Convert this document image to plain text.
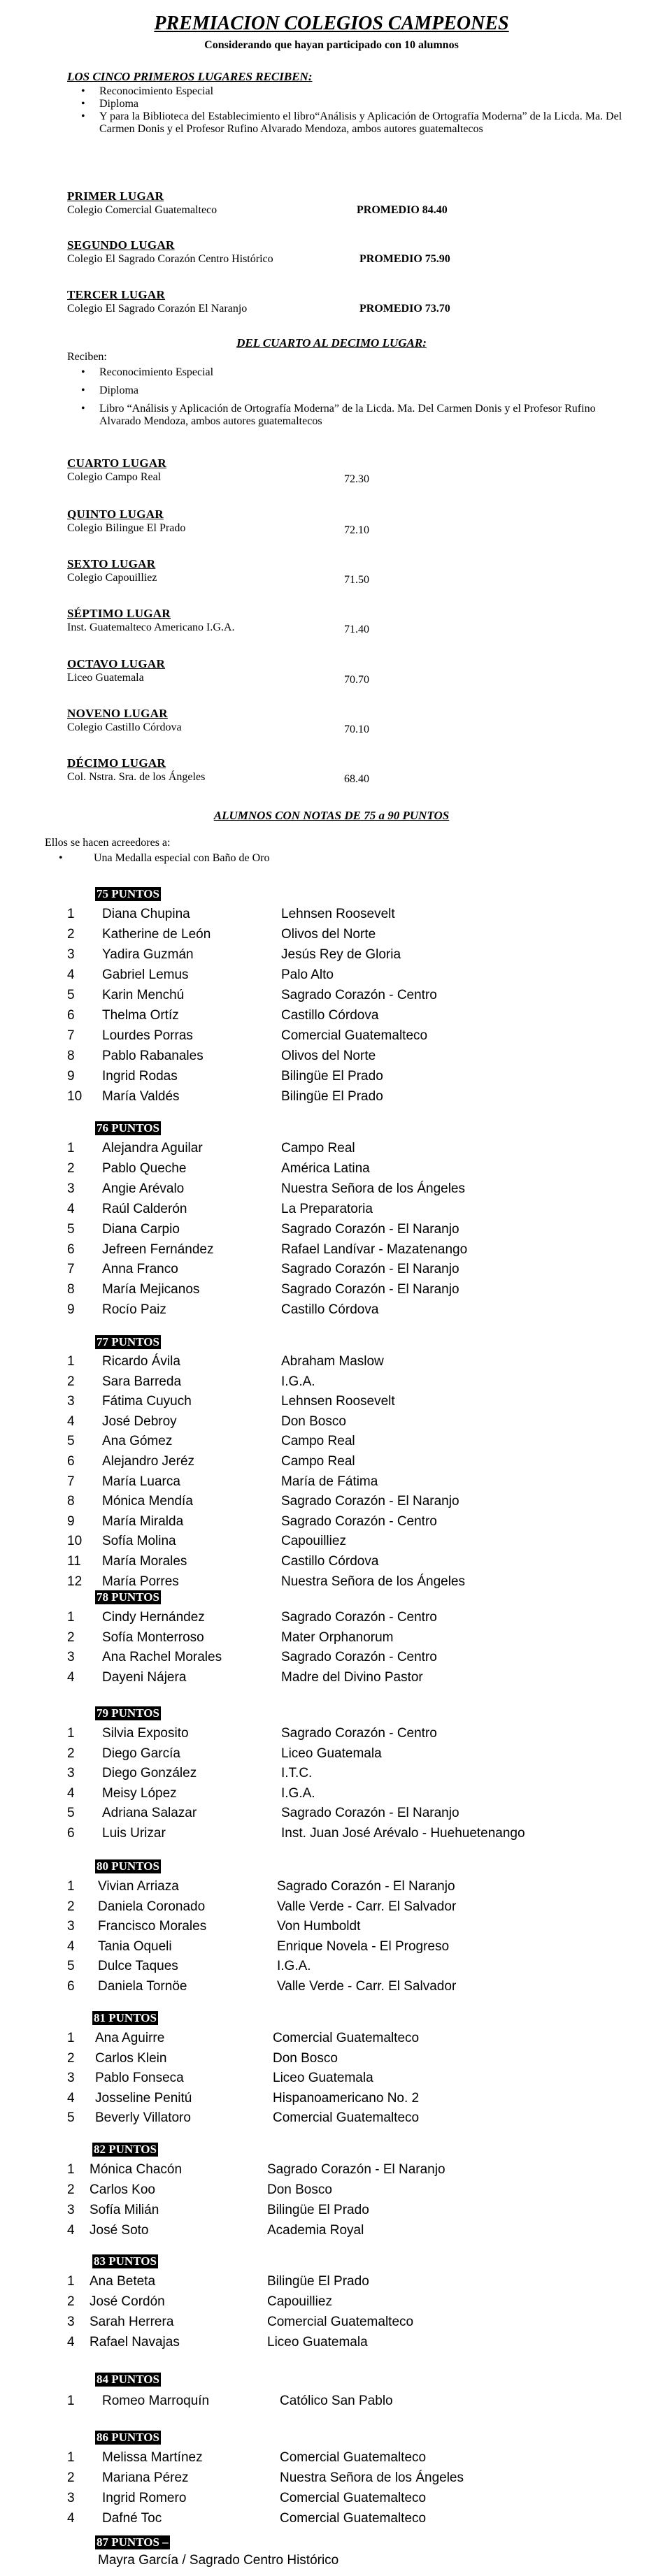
PREMIACION COLEGIOS CAMPEONES
Considerando que hayan participado con 10 alumnos
LOS CINCO PRIMEROS LUGARES RECIBEN:
• Reconocimiento Especial
• Diploma
• Y para la Biblioteca del Establecimiento el libro“Análisis y Aplicación de Ortografía Moderna” de la Licda. Ma. Del Carmen Donis y el Profesor Rufino Alvarado Mendoza, ambos autores guatemaltecos
PRIMER LUGAR
Colegio Comercial Guatemalteco	PROMEDIO 84.40
SEGUNDO LUGAR
Colegio El Sagrado Corazón Centro Histórico	PROMEDIO 75.90
TERCER LUGAR
Colegio El Sagrado Corazón El Naranjo	PROMEDIO 73.70
DEL CUARTO AL DECIMO LUGAR:
Reciben:
• Reconocimiento Especial
• Diploma
• Libro “Análisis y Aplicación de Ortografía Moderna” de la Licda. Ma. Del Carmen Donis y el Profesor Rufino Alvarado Mendoza, ambos autores guatemaltecos
CUARTO LUGAR
Colegio Campo Real	72.30
QUINTO LUGAR
Colegio Bilingue El Prado	72.10
SEXTO LUGAR
Colegio Capouilliez	71.50
SÉPTIMO LUGAR
Inst. Guatemalteco Americano I.G.A.	71.40
OCTAVO LUGAR
Liceo Guatemala	70.70
NOVENO LUGAR
Colegio Castillo Córdova	70.10
DÉCIMO LUGAR
Col. Nstra. Sra. de los Ángeles	68.40
ALUMNOS CON NOTAS DE 75 a 90 PUNTOS
Ellos se hacen acreedores a:
• Una Medalla especial con Baño de Oro
75 PUNTOS
1 Diana Chupina	Lehnsen Roosevelt
2 Katherine de León	Olivos del Norte
3 Yadira Guzmán	Jesús Rey de Gloria
4 Gabriel Lemus	Palo Alto
5 Karin Menchú	Sagrado Corazón - Centro
6 Thelma Ortíz	Castillo Córdova
7 Lourdes Porras	Comercial Guatemalteco
8 Pablo Rabanales	Olivos del Norte
9 Ingrid Rodas	Bilingüe El Prado
10 María Valdés	Bilingüe El Prado
76 PUNTOS
1 Alejandra Aguilar	Campo Real
2 Pablo Queche	América Latina
3 Angie Arévalo	Nuestra Señora de los Ángeles
4 Raúl Calderón	La Preparatoria
5 Diana Carpio	Sagrado Corazón - El Naranjo
6 Jefreen Fernández	Rafael Landívar - Mazatenango
7 Anna Franco	Sagrado Corazón - El Naranjo
8 María Mejicanos	Sagrado Corazón - El Naranjo
9 Rocío Paiz	Castillo Córdova
77 PUNTOS
1 Ricardo Ávila	Abraham Maslow
2 Sara Barreda	I.G.A.
3 Fátima Cuyuch	Lehnsen Roosevelt
4 José Debroy	Don Bosco
5 Ana Gómez	Campo Real
6 Alejandro Jeréz	Campo Real
7 María Luarca	María de Fátima
8 Mónica Mendía	Sagrado Corazón - El Naranjo
9 María Miralda	Sagrado Corazón - Centro
10 Sofía Molina	Capouilliez
11 María Morales	Castillo Córdova
12 María Porres	Nuestra Señora de los Ángeles
78 PUNTOS
1 Cindy Hernández	Sagrado Corazón - Centro
2 Sofía Monterroso	Mater Orphanorum
3 Ana Rachel Morales	Sagrado Corazón - Centro
4 Dayeni Nájera	Madre del Divino Pastor
79 PUNTOS
1 Silvia Exposito	Sagrado Corazón - Centro
2 Diego García	Liceo Guatemala
3 Diego González	I.T.C.
4 Meisy López	I.G.A.
5 Adriana Salazar	Sagrado Corazón - El Naranjo
6 Luis Urizar	Inst. Juan José Arévalo - Huehuetenango
80 PUNTOS
1 Vivian Arriaza	Sagrado Corazón - El Naranjo
2 Daniela Coronado	Valle Verde - Carr. El Salvador
3 Francisco Morales	Von Humboldt
4 Tania Oqueli	Enrique Novela - El Progreso
5 Dulce Taques	I.G.A.
6 Daniela Tornöe	Valle Verde - Carr. El Salvador
81 PUNTOS
1 Ana Aguirre	Comercial Guatemalteco
2 Carlos Klein	Don Bosco
3 Pablo Fonseca	Liceo Guatemala
4 Josseline Penitú	Hispanoamericano No. 2
5 Beverly Villatoro	Comercial Guatemalteco
82 PUNTOS
1 Mónica Chacón	Sagrado Corazón - El Naranjo
2 Carlos Koo	Don Bosco
3 Sofía Milián	Bilingüe El Prado
4 José Soto	Academia Royal
83 PUNTOS
1 Ana Beteta	Bilingüe El Prado
2 José Cordón	Capouilliez
3 Sarah Herrera	Comercial Guatemalteco
4 Rafael Navajas	Liceo Guatemala
84 PUNTOS
1 Romeo Marroquín	Católico San Pablo
86 PUNTOS
1 Melissa Martínez	Comercial Guatemalteco
2 Mariana Pérez	Nuestra Señora de los Ángeles
3 Ingrid Romero	Comercial Guatemalteco
4 Dafné Toc	Comercial Guatemalteco
87 PUNTOS –
Mayra García / Sagrado Centro Histórico
